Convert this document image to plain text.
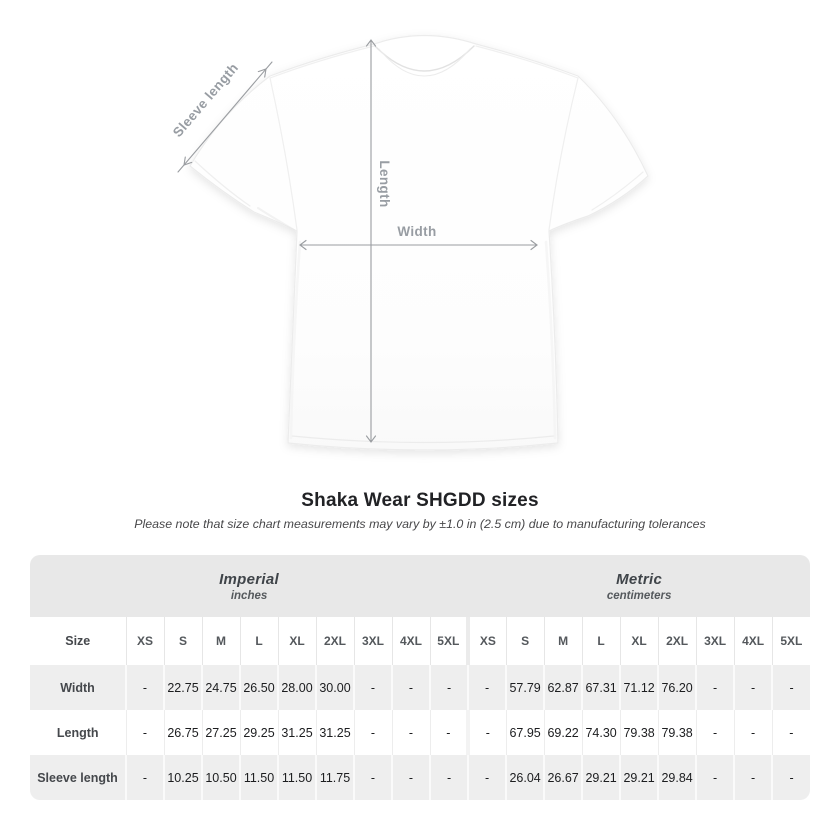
Sleeve length
Length
Width
Shaka Wear SHGDD sizes
Please note that size chart measurements may vary by ±1.0 in (2.5 cm) due to manufacturing tolerances
Imperial
inches

Metric
centimeters

Size	XS	S	M	L	XL	2XL	3XL	4XL	5XL	XS	S	M	L	XL	2XL	3XL	4XL	5XL
Width	-	22.75	24.75	26.50	28.00	30.00	-	-	-	-	57.79	62.87	67.31	71.12	76.20	-	-	-
Length	-	26.75	27.25	29.25	31.25	31.25	-	-	-	-	67.95	69.22	74.30	79.38	79.38	-	-	-
Sleeve length	-	10.25	10.50	11.50	11.50	11.75	-	-	-	-	26.04	26.67	29.21	29.21	29.84	-	-	-
